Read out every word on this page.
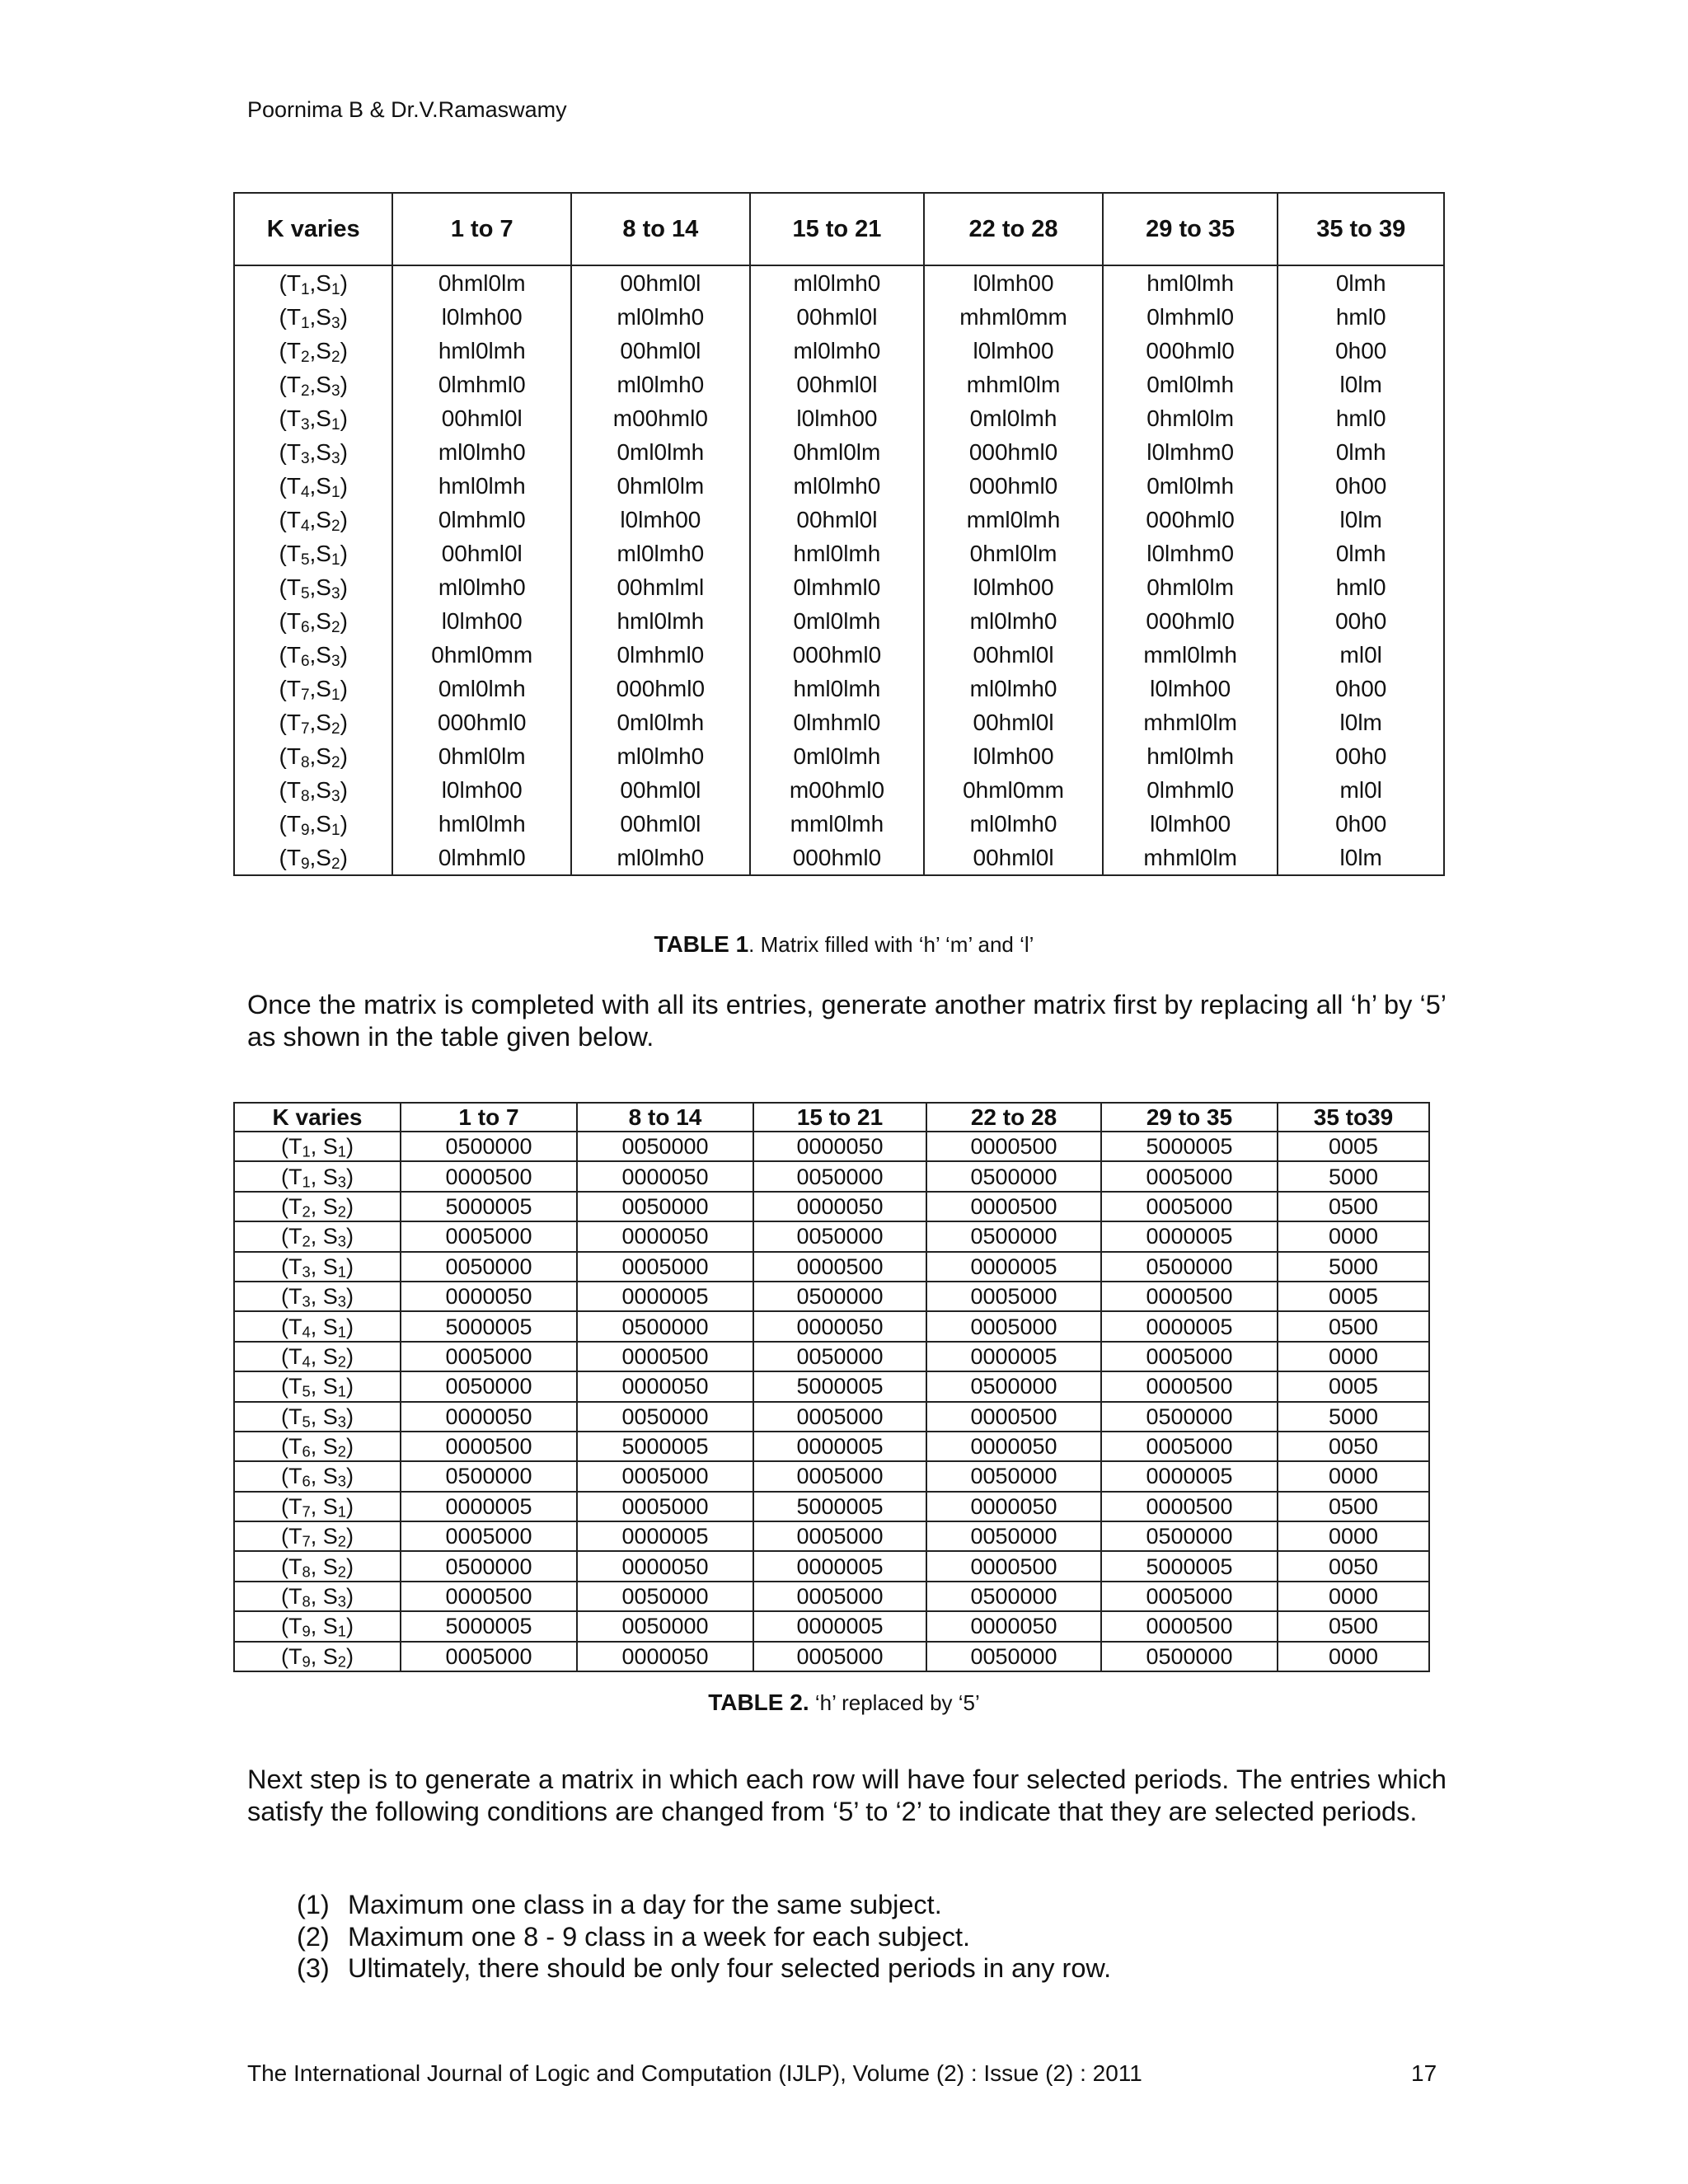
Poornima B & Dr.V.Ramaswamy
K varies	1 to 7	8 to 14	15 to 21	22 to 28	29 to 35	35 to 39
$(T_1,S_1)$	0hml0lm	00hml0l	ml0lmh0	l0lmh00	hml0lmh	0lmh
$(T_1,S_3)$	l0lmh00	ml0lmh0	00hml0l	mhml0mm	0lmhml0	hml0
$(T_2,S_2)$	hml0lmh	00hml0l	ml0lmh0	l0lmh00	000hml0	0h00
$(T_2,S_3)$	0lmhml0	ml0lmh0	00hml0l	mhml0lm	0ml0lmh	l0lm
$(T_3,S_1)$	00hml0l	m00hml0	l0lmh00	0ml0lmh	0hml0lm	hml0
$(T_3,S_3)$	ml0lmh0	0ml0lmh	0hml0lm	000hml0	l0lmhm0	0lmh
$(T_4,S_1)$	hml0lmh	0hml0lm	ml0lmh0	000hml0	0ml0lmh	0h00
$(T_4,S_2)$	0lmhml0	l0lmh00	00hml0l	mml0lmh	000hml0	l0lm
$(T_5,S_1)$	00hml0l	ml0lmh0	hml0lmh	0hml0lm	l0lmhm0	0lmh
$(T_5,S_3)$	ml0lmh0	00hmlml	0lmhml0	l0lmh00	0hml0lm	hml0
$(T_6,S_2)$	l0lmh00	hml0lmh	0ml0lmh	ml0lmh0	000hml0	00h0
$(T_6,S_3)$	0hml0mm	0lmhml0	000hml0	00hml0l	mml0lmh	ml0l
$(T_7,S_1)$	0ml0lmh	000hml0	hml0lmh	ml0lmh0	l0lmh00	0h00
$(T_7,S_2)$	000hml0	0ml0lmh	0lmhml0	00hml0l	mhml0lm	l0lm
$(T_8,S_2)$	0hml0lm	ml0lmh0	0ml0lmh	l0lmh00	hml0lmh	00h0
$(T_8,S_3)$	l0lmh00	00hml0l	m00hml0	0hml0mm	0lmhml0	ml0l
$(T_9,S_1)$	hml0lmh	00hml0l	mml0lmh	ml0lmh0	l0lmh00	0h00
$(T_9,S_2)$	0lmhml0	ml0lmh0	000hml0	00hml0l	mhml0lm	l0lm
TABLE 1. Matrix filled with ‘h’ ‘m’ and ‘l’
Once the matrix is completed with all its entries, generate another matrix first by replacing all ‘h’ by ‘5’ as shown in the table given below.
K varies	1 to 7	8 to 14	15 to 21	22 to 28	29 to 35	35 to39
($T_1$, $S_1$)	0500000	0050000	0000050	0000500	5000005	0005
($T_1$, $S_3$)	0000500	0000050	0050000	0500000	0005000	5000
($T_2$, $S_2$)	5000005	0050000	0000050	0000500	0005000	0500
($T_2$, $S_3$)	0005000	0000050	0050000	0500000	0000005	0000
($T_3$, $S_1$)	0050000	0005000	0000500	0000005	0500000	5000
($T_3$, $S_3$)	0000050	0000005	0500000	0005000	0000500	0005
($T_4$, $S_1$)	5000005	0500000	0000050	0005000	0000005	0500
($T_4$, $S_2$)	0005000	0000500	0050000	0000005	0005000	0000
($T_5$, $S_1$)	0050000	0000050	5000005	0500000	0000500	0005
($T_5$, $S_3$)	0000050	0050000	0005000	0000500	0500000	5000
($T_6$, $S_2$)	0000500	5000005	0000005	0000050	0005000	0050
($T_6$, $S_3$)	0500000	0005000	0005000	0050000	0000005	0000
($T_7$, $S_1$)	0000005	0005000	5000005	0000050	0000500	0500
($T_7$, $S_2$)	0005000	0000005	0005000	0050000	0500000	0000
($T_8$, $S_2$)	0500000	0000050	0000005	0000500	5000005	0050
($T_8$, $S_3$)	0000500	0050000	0005000	0500000	0005000	0000
($T_9$, $S_1$)	5000005	0050000	0000005	0000050	0000500	0500
($T_9$, $S_2$)	0005000	0000050	0005000	0050000	0500000	0000
TABLE 2. ‘h’ replaced by ‘5’
Next step is to generate a matrix in which each row will have four selected periods. The entries which satisfy the following conditions are changed from ‘5’ to ‘2’ to indicate that they are selected periods.
(1) Maximum one class in a day for the same subject.
(2) Maximum one 8 - 9 class in a week for each subject.
(3) Ultimately, there should be only four selected periods in any row.
The International Journal of Logic and Computation (IJLP), Volume (2) : Issue (2) : 2011	17
